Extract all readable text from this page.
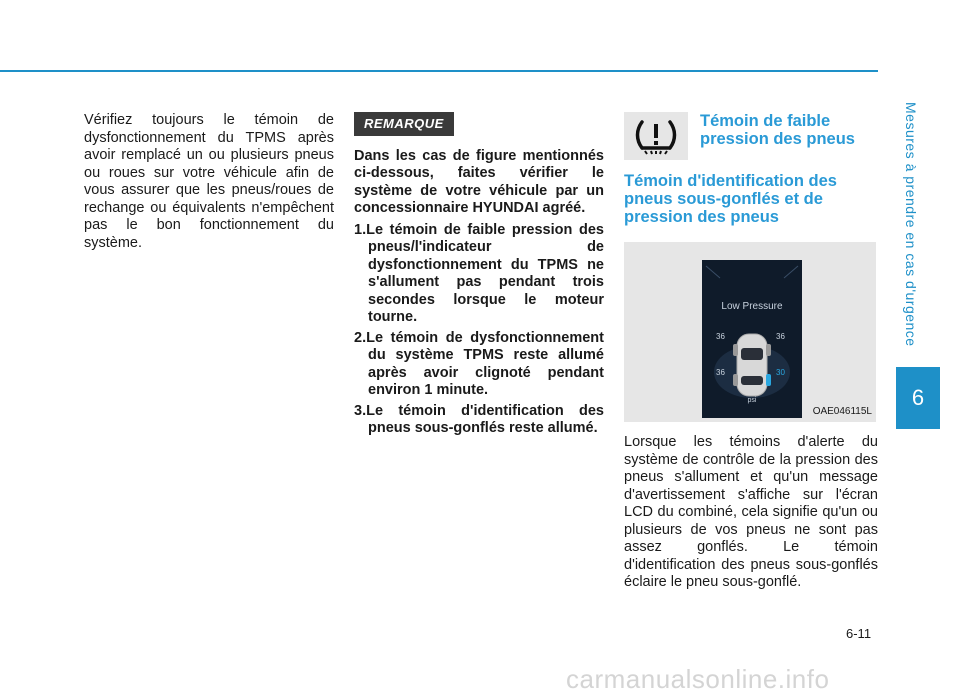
Mesures à prendre en cas d'urgence
6

Vérifiez toujours le témoin de dysfonctionnement du TPMS après avoir remplacé un ou plusieurs pneus ou roues sur votre véhicule afin de vous assurer que les pneus/roues de rechange ou équivalents n'empêchent pas le bon fonctionnement du système.

REMARQUE
Dans les cas de figure mentionnés ci-dessous, faites vérifier le système de votre véhicule par un concessionnaire HYUNDAI agréé.
1.Le témoin de faible pression des pneus/l'indicateur de dysfonctionnement du TPMS ne s'allument pas pendant trois secondes lorsque le moteur tourne.
2.Le témoin de dysfonctionnement du système TPMS reste allumé après avoir clignoté pendant environ 1 minute.
3.Le témoin d'identification des pneus sous-gonflés reste allumé.
Témoin de faible pression des pneus
Témoin d'identification des pneus sous-gonflés et de pression des pneus
Low Pressure
36	36
36	30
psi
OAE046115L
Lorsque les témoins d'alerte du système de contrôle de la pression des pneus s'allument et qu'un message d'avertissement s'affiche sur l'écran LCD du combiné, cela signifie qu'un ou plusieurs de vos pneus ne sont pas assez gonflés. Le témoin d'identification des pneus sous-gonflés éclaire le pneu sous-gonflé.
6-11
carmanualsonline.info
